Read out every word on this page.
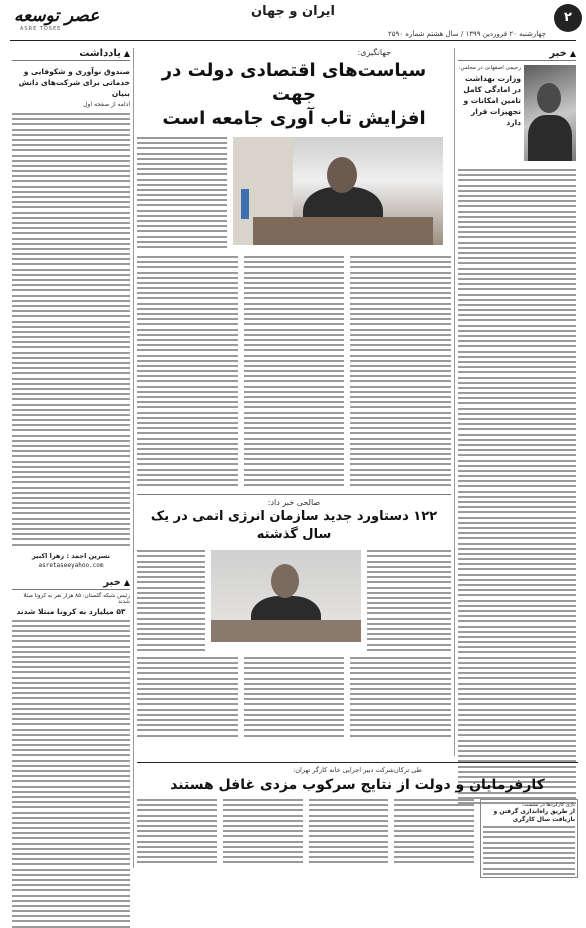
۲
ایران و جهان
عصر توسعه
ASRE TOSEE
چهارشنبه ۲۰ فروردین ۱۳۹۹ / سال هشتم شماره ۲۵۹۰
▲خبر
رحیمی اصفهانی در مجلس:
وزارت بهداشت در امادگی کامل تامین امکانات و تجهیزات قرار دارد
▲یادداشت
صندوق نوآوری و شکوفایی و خدماتی برای شرکت‌های دانش بنیان
ادامه از صفحه اول
نسرین احمد : زهرا اکبیر
asretaseeyahoo.com
▲خبر
رئیس شبکه گلستان: ۸۵ هزار نفر به کرونا مبتلا شدند
۵۳ میلیارد به کرونا مبتلا شدند
جهانگیری:
سیاست‌های اقتصادی دولت در جهت
افزایش تاب آوری جامعه است
صالحی خبر داد:
۱۲۲ دستاورد جدید سازمان انرژی اتمی در یک سال گذشته
طی ترکان‌شرکت دبیر اجرایی خانه کارگر تهران:
کارفرمایان و دولت از نتایج سرکوب مزدی غافل هستند
بازی کارکرد‌ها در نشست:
از طریق راه‌اندازی گرفتن و بازیافت سال کارگری
